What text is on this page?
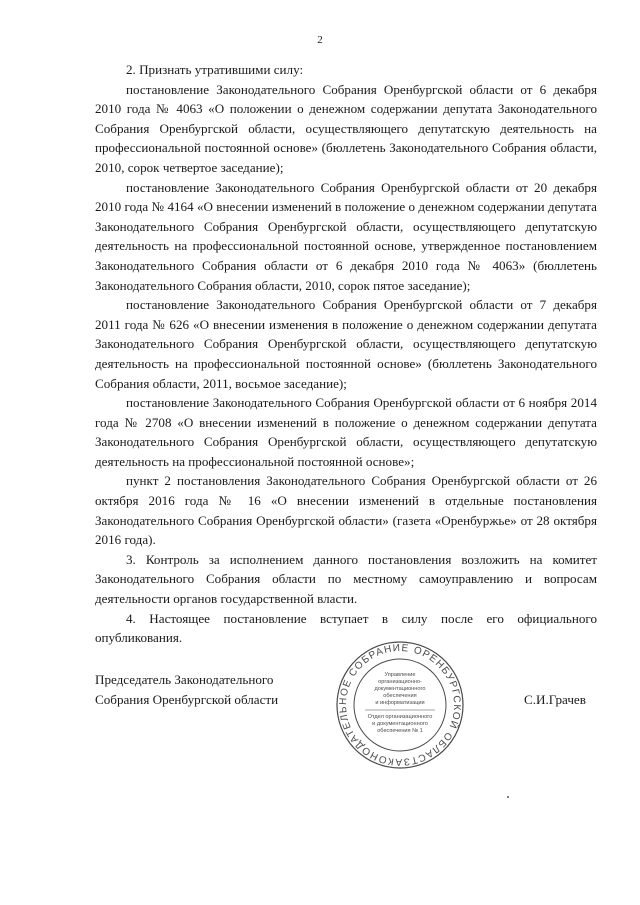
2

2. Признать утратившими силу:

постановление Законодательного Собрания Оренбургской области от 6 декабря 2010 года № 4063 «О положении о денежном содержании депутата Законодательного Собрания Оренбургской области, осуществляющего депутатскую деятельность на профессиональной постоянной основе» (бюллетень Законодательного Собрания области, 2010, сорок четвертое заседание);

постановление Законодательного Собрания Оренбургской области от 20 декабря 2010 года № 4164 «О внесении изменений в положение о денежном содержании депутата Законодательного Собрания Оренбургской области, осуществляющего депутатскую деятельность на профессиональной постоянной основе, утвержденное постановлением Законодательного Собрания области от 6 декабря 2010 года № 4063» (бюллетень Законодательного Собрания области, 2010, сорок пятое заседание);

постановление Законодательного Собрания Оренбургской области от 7 декабря 2011 года № 626 «О внесении изменения в положение о денежном содержании депутата Законодательного Собрания Оренбургской области, осуществляющего депутатскую деятельность на профессиональной постоянной основе» (бюллетень Законодательного Собрания области, 2011, восьмое заседание);

постановление Законодательного Собрания Оренбургской области от 6 ноября 2014 года № 2708 «О внесении изменений в положение о денежном содержании депутата Законодательного Собрания Оренбургской области, осуществляющего депутатскую деятельность на профессиональной постоянной основе»;

пункт 2 постановления Законодательного Собрания Оренбургской области от 26 октября 2016 года № 16 «О внесении изменений в отдельные постановления Законодательного Собрания Оренбургской области» (газета «Оренбуржье» от 28 октября 2016 года).

3. Контроль за исполнением данного постановления возложить на комитет Законодательного Собрания области по местному самоуправлению и вопросам деятельности органов государственной власти.

4. Настоящее постановление вступает в силу после его официального опубликования.

Председатель Законодательного
Собрания Оренбургской области
ЗАКОНОДАТЕЛЬНОЕ СОБРАНИЕ ОРЕНБУРГСКОЙ ОБЛАСТИ
Управление
организационно-
документационного
обеспечения
и информатизации
Отдел организационного
и документационного
обеспечения № 1
С.И.Грачев
